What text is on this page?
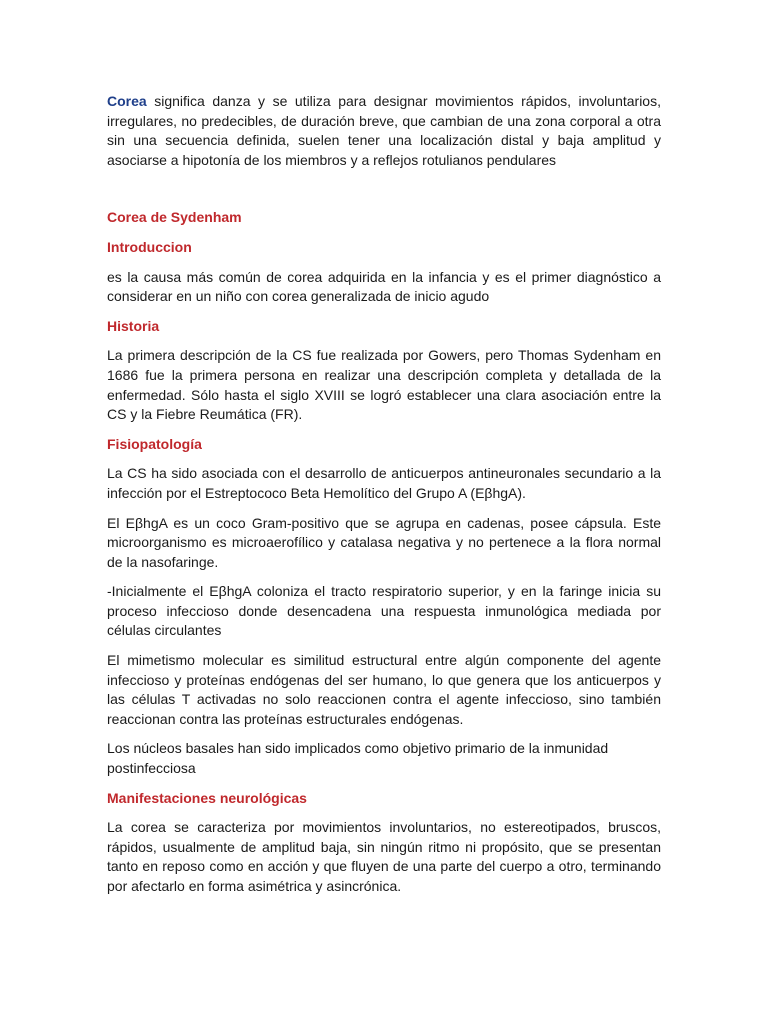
Corea significa danza y se utiliza para designar movimientos rápidos, involuntarios, irregulares, no predecibles, de duración breve, que cambian de una zona corporal a otra sin una secuencia definida, suelen tener una localización distal y baja amplitud y asociarse a hipotonía de los miembros y a reflejos rotulianos pendulares

Corea de Sydenham

Introduccion

es la causa más común de corea adquirida en la infancia y es el primer diagnóstico a considerar en un niño con corea generalizada de inicio agudo

Historia

La primera descripción de la CS fue realizada por Gowers, pero Thomas Sydenham en 1686 fue la primera persona en realizar una descripción completa y detallada de la enfermedad. Sólo hasta el siglo XVIII se logró establecer una clara asociación entre la CS y la Fiebre Reumática (FR).

Fisiopatología

La CS ha sido asociada con el desarrollo de anticuerpos antineuronales secundario a la infección por el Estreptococo Beta Hemolítico del Grupo A (EβhgA).

El EβhgA es un coco Gram-positivo que se agrupa en cadenas, posee cápsula. Este microorganismo es microaerofílico y catalasa negativa y no pertenece a la flora normal de la nasofaringe.

-Inicialmente el EβhgA coloniza el tracto respiratorio superior, y en la faringe inicia su proceso infeccioso donde desencadena una respuesta inmunológica mediada por células circulantes

El mimetismo molecular es similitud estructural entre algún componente del agente infeccioso y proteínas endógenas del ser humano, lo que genera que los anticuerpos y las células T activadas no solo reaccionen contra el agente infeccioso, sino también reaccionan contra las proteínas estructurales endógenas.

Los núcleos basales han sido implicados como objetivo primario de la inmunidad postinfecciosa

Manifestaciones neurológicas

La corea se caracteriza por movimientos involuntarios, no estereotipados, bruscos, rápidos, usualmente de amplitud baja, sin ningún ritmo ni propósito, que se presentan tanto en reposo como en acción y que fluyen de una parte del cuerpo a otro, terminando por afectarlo en forma asimétrica y asincrónica.
